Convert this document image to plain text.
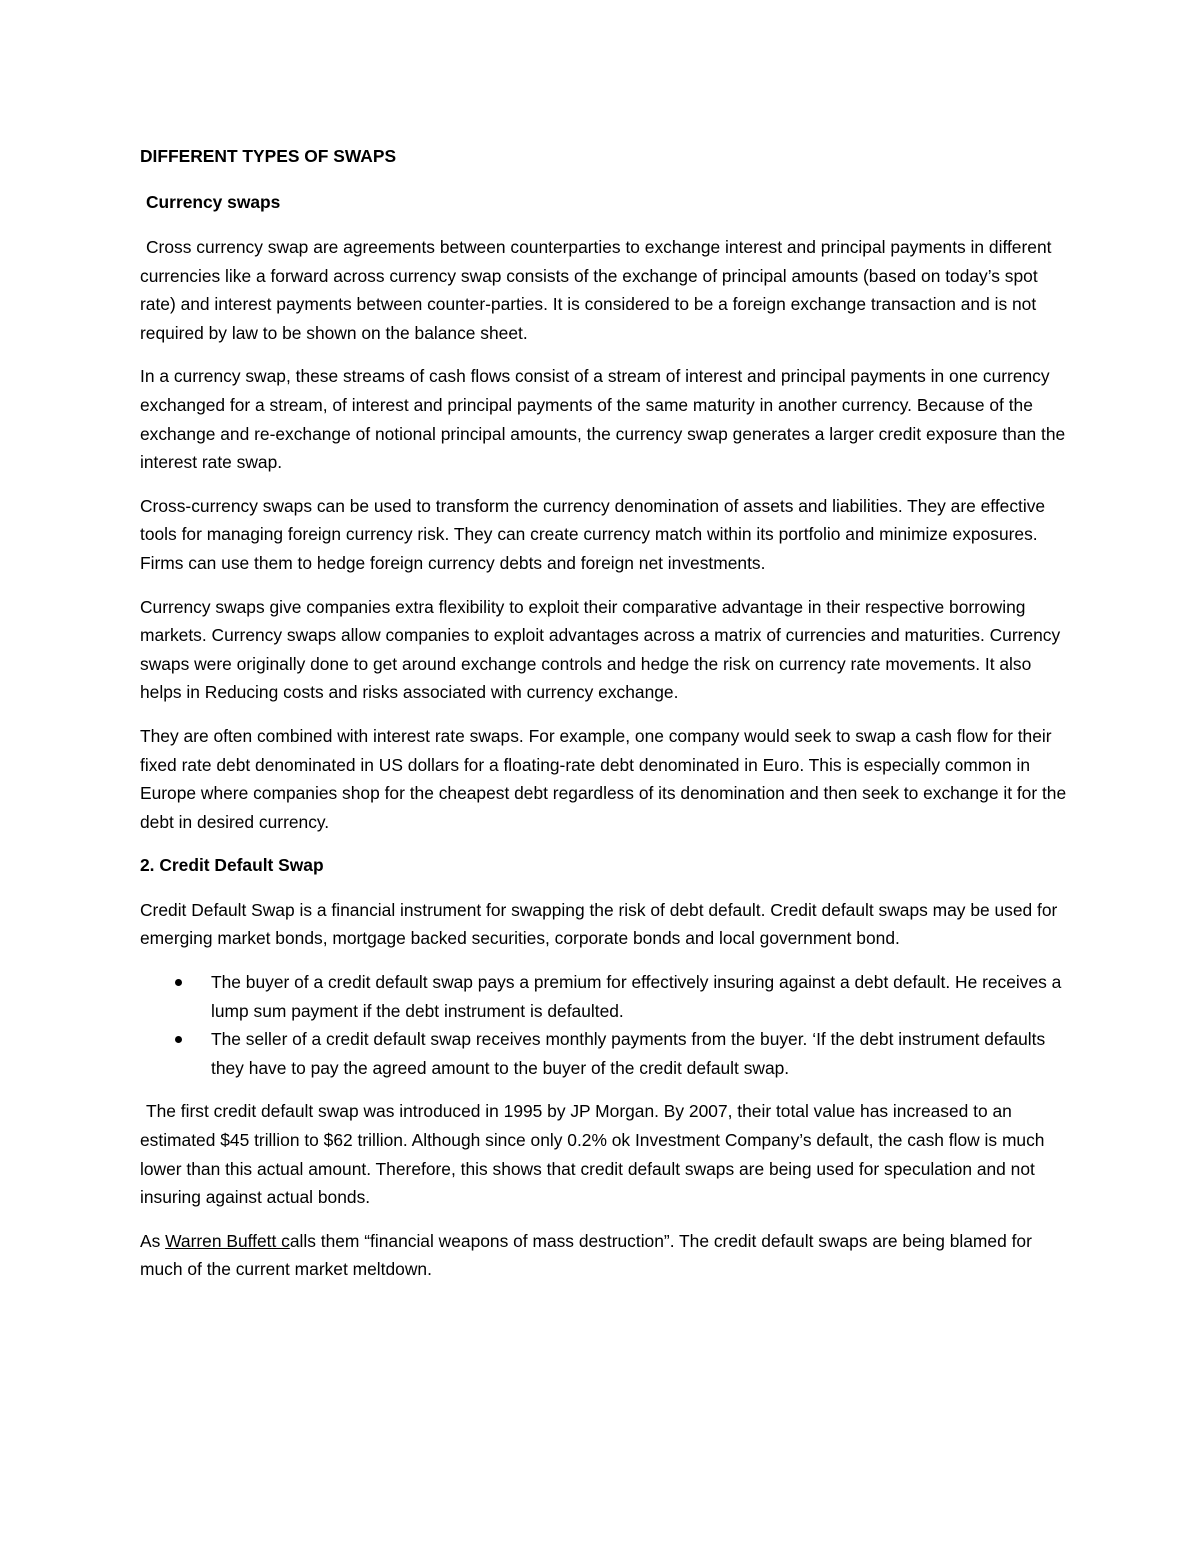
DIFFERENT TYPES OF SWAPS
Currency swaps

Cross currency swap are agreements between counterparties to exchange interest and principal payments in different currencies like a forward across currency swap consists of the exchange of principal amounts (based on today’s spot rate) and interest payments between counter-parties. It is considered to be a foreign exchange transaction and is not required by law to be shown on the balance sheet.

In a currency swap, these streams of cash flows consist of a stream of interest and principal payments in one currency exchanged for a stream, of interest and principal payments of the same maturity in another currency. Because of the exchange and re-exchange of notional principal amounts, the currency swap generates a larger credit exposure than the interest rate swap.

Cross-currency swaps can be used to transform the currency denomination of assets and liabilities. They are effective tools for managing foreign currency risk. They can create currency match within its portfolio and minimize exposures. Firms can use them to hedge foreign currency debts and foreign net investments.

Currency swaps give companies extra flexibility to exploit their comparative advantage in their respective borrowing markets. Currency swaps allow companies to exploit advantages across a matrix of currencies and maturities. Currency swaps were originally done to get around exchange controls and hedge the risk on currency rate movements. It also helps in Reducing costs and risks associated with currency exchange.

They are often combined with interest rate swaps. For example, one company would seek to swap a cash flow for their fixed rate debt denominated in US dollars for a floating-rate debt denominated in Euro. This is especially common in Europe where companies shop for the cheapest debt regardless of its denomination and then seek to exchange it for the debt in desired currency.

2. Credit Default Swap

Credit Default Swap is a financial instrument for swapping the risk of debt default. Credit default swaps may be used for emerging market bonds, mortgage backed securities, corporate bonds and local government bond.

The buyer of a credit default swap pays a premium for effectively insuring against a debt default. He receives a lump sum payment if the debt instrument is defaulted.
The seller of a credit default swap receives monthly payments from the buyer. ‘If the debt instrument defaults they have to pay the agreed amount to the buyer of the credit default swap.

The first credit default swap was introduced in 1995 by JP Morgan. By 2007, their total value has increased to an estimated $45 trillion to $62 trillion. Although since only 0.2% ok Investment Company’s default, the cash flow is much lower than this actual amount. Therefore, this shows that credit default swaps are being used for speculation and not insuring against actual bonds.

As Warren Buffett calls them “financial weapons of mass destruction”. The credit default swaps are being blamed for much of the current market meltdown.
